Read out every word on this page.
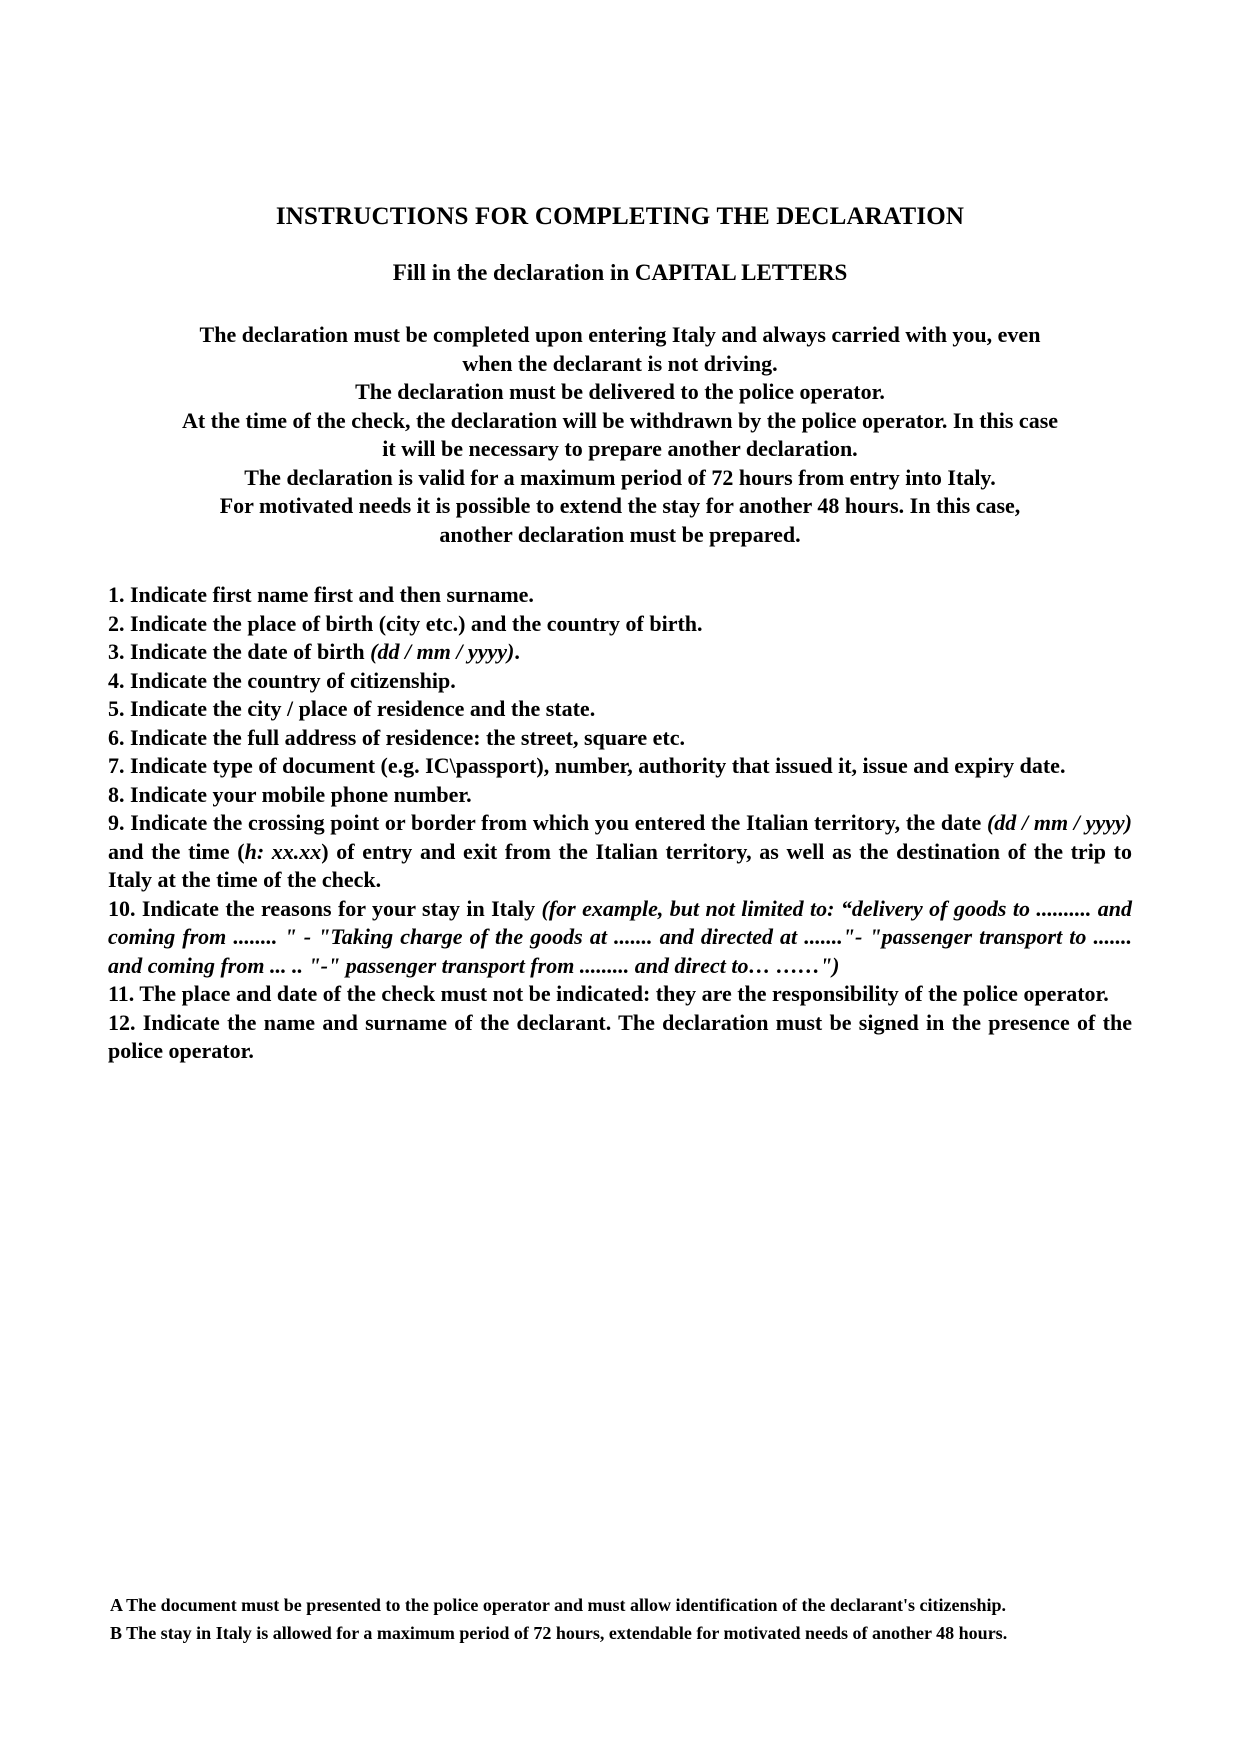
INSTRUCTIONS FOR COMPLETING THE DECLARATION
Fill in the declaration in CAPITAL LETTERS
The declaration must be completed upon entering Italy and always carried with you, even
when the declarant is not driving.
The declaration must be delivered to the police operator.
At the time of the check, the declaration will be withdrawn by the police operator. In this case
it will be necessary to prepare another declaration.
The declaration is valid for a maximum period of 72 hours from entry into Italy.
For motivated needs it is possible to extend the stay for another 48 hours. In this case,
another declaration must be prepared.
1. Indicate first name first and then surname.
2. Indicate the place of birth (city etc.) and the country of birth.
3. Indicate the date of birth (dd / mm / yyyy).
4. Indicate the country of citizenship.
5. Indicate the city / place of residence and the state.
6. Indicate the full address of residence: the street, square etc.
7. Indicate type of document (e.g. IC\passport), number, authority that issued it, issue and expiry date.
8. Indicate your mobile phone number.
9. Indicate the crossing point or border from which you entered the Italian territory, the date (dd / mm / yyyy) and the time (h: xx.xx) of entry and exit from the Italian territory, as well as the destination of the trip to Italy at the time of the check.
10. Indicate the reasons for your stay in Italy (for example, but not limited to: “delivery of goods to .......... and coming from ........ " - "Taking charge of the goods at ....... and directed at ......."- "passenger transport to ....... and coming from ... .. "-" passenger transport from ......... and direct to… ……")
11. The place and date of the check must not be indicated: they are the responsibility of the police operator.
12. Indicate the name and surname of the declarant. The declaration must be signed in the presence of the police operator.
A The document must be presented to the police operator and must allow identification of the declarant's citizenship.
B The stay in Italy is allowed for a maximum period of 72 hours, extendable for motivated needs of another 48 hours.
